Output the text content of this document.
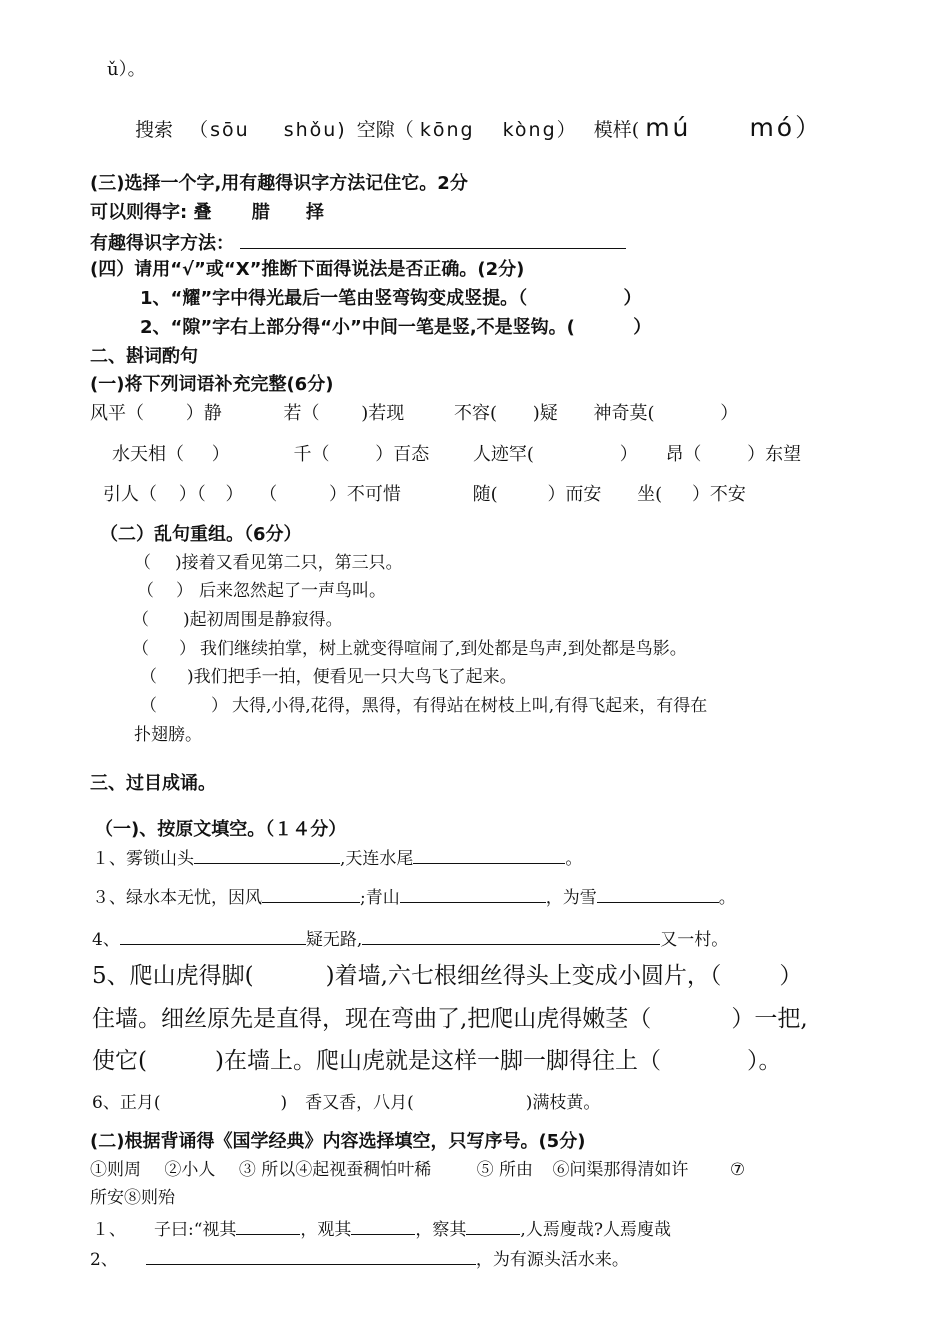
ǔ）。
搜索 （sōu shǒu) 空隙（ kōng kòng） 模样( mú mó）
(三)选择一个字,用有趣得识字方法记住它。2分
可以则得字: 叠 腊 择
有趣得识字方法：
(四）请用“√”或“X”推断下面得说法是否正确。(2分)
1、“耀”字中得光最后一笔由竖弯钩变成竖提。（	）
2、“隙”字右上部分得“小”中间一笔是竖,不是竖钩。(	）
二、斟词酌句
(一)将下列词语补充完整(6分)
风平（ ）静	若（ )若现	不容( )疑 神奇莫(	）
水天相（ ）	千（	）百态 人迹罕(	） 昂（	）东望
引人（ ）（ ） （	）不可惜	随(	）而安 坐( ）不安
（二）乱句重组。（6分）
（ )接着又看见第二只，第三只。
（ ） 后来忽然起了一声鸟叫。
（ )起初周围是静寂得。
（ ） 我们继续拍掌，树上就变得喧闹了,到处都是鸟声,到处都是鸟影。
（ )我们把手一拍，便看见一只大鸟飞了起来。
（	） 大得,小得,花得，黑得，有得站在树枝上叫,有得飞起来，有得在
扑翅膀。
三、过目成诵。
（一)、按原文填空。（１４分）
１、雾锁山头	,天连水尾	。
３、绿水本无忧，因风	;青山	，为雪	。
4、	疑无路,	又一村。
5、爬山虎得脚(	)着墙,六七根细丝得头上变成小圆片，（	）
住墙。细丝原先是直得，现在弯曲了,把爬山虎得嫩茎（	）一把,
使它(	)在墙上。爬山虎就是这样一脚一脚得往上（	）。
6、正月(	) 香又香，八月(	)满枝黄。
(二)根据背诵得《国学经典》内容选择填空，只写序号。(5分)
①则周 ②小人 ③ 所以④起视蚕稠怕叶稀	⑤ 所由 ⑥问渠那得清如许 ⑦
所安⑧则殆
１、 子曰:“视其	，观其	，察其	,人焉廋哉?人焉廋哉
2、	，为有源头活水来。
